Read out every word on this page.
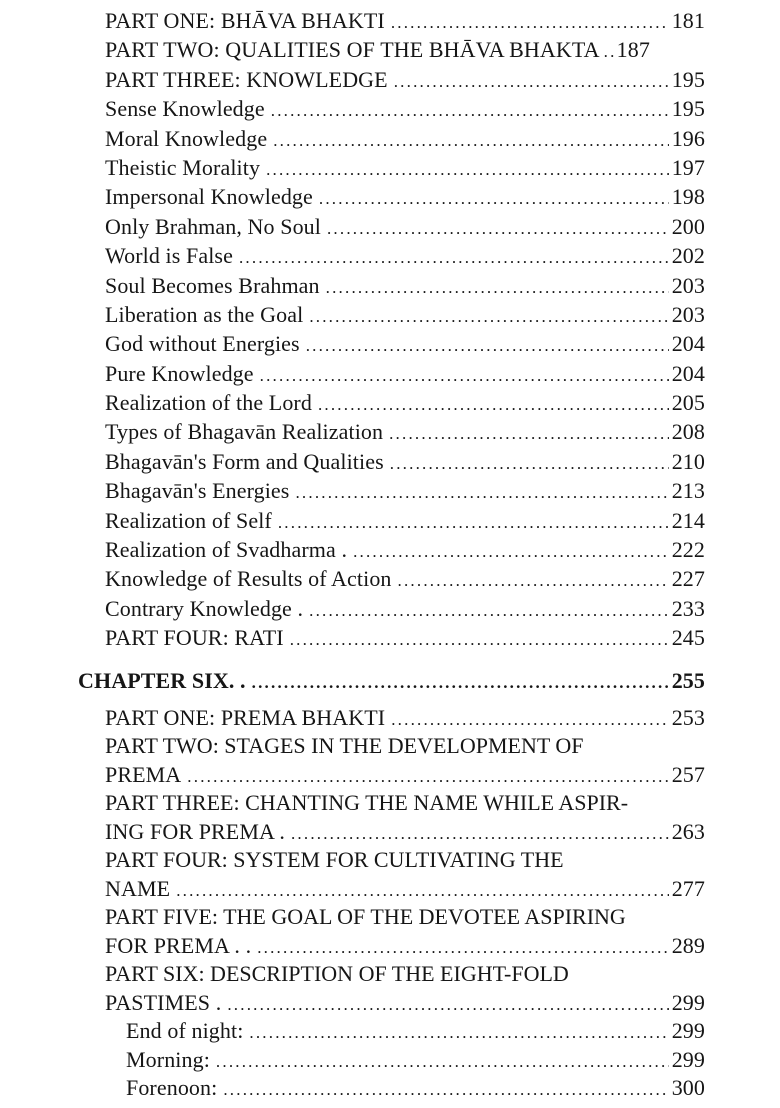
PART ONE: BHĀVA BHAKTI .....	181
PART TWO: QUALITIES OF THE BHĀVA BHAKTA ..... 187
PART THREE: KNOWLEDGE .....	195
Sense Knowledge .....	195
Moral Knowledge .....	196
Theistic Morality .....	197
Impersonal Knowledge .....	198
Only Brahman, No Soul .....	200
World is False .....	202
Soul Becomes Brahman .....	203
Liberation as the Goal .....	203
God without Energies .....	204
Pure Knowledge .....	204
Realization of the Lord .....	205
Types of Bhagavān Realization .....	208
Bhagavān's Form and Qualities .....	210
Bhagavān's Energies .....	213
Realization of Self .....	214
Realization of Svadharma . .....	222
Knowledge of Results of Action .....	227
Contrary Knowledge . .....	233
PART FOUR: RATI .....	245
CHAPTER SIX. . .....	255
PART ONE: PREMA BHAKTI .....	253
PART TWO: STAGES IN THE DEVELOPMENT OF
PREMA .....	257
PART THREE: CHANTING THE NAME WHILE ASPIR-
ING FOR PREMA . .....	263
PART FOUR: SYSTEM FOR CULTIVATING THE
NAME .....	277
PART FIVE: THE GOAL OF THE DEVOTEE ASPIRING
FOR PREMA . . .....	289
PART SIX: DESCRIPTION OF THE EIGHT-FOLD
PASTIMES . .....	299
End of night: .....	299
Morning: .....	299
Forenoon: .....	300
